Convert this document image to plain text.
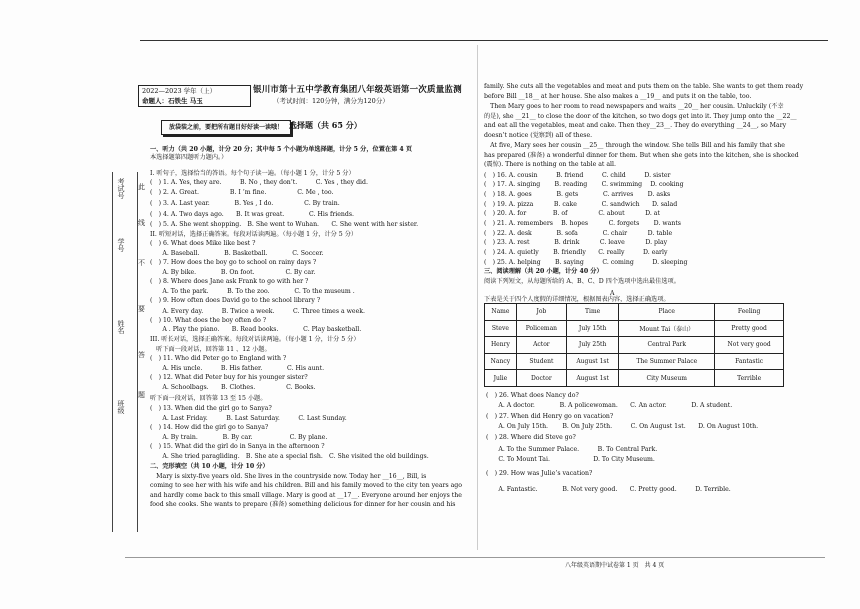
2022—2023 学年（上）
命题人：石铁生 马玉
银川市第十五中学教育集团八年级英语第一次质量监测
（考试时间：120分钟，满分为120分）
放袋装之前，要把所有题目好好读一读哦！ 选择题（共 65 分）
考试号
学号
姓名
班级
此
线
不
要
答
题
一、听力（共 20 小题，计分 20 分；其中每 5 个小题为单选择题，计分 5 分，位置在第 4 页
本选择题第四题听力题内。）
I. 听句子，选择恰当的答语。每个句子读一遍。（每小题 1 分，计分 5 分）
(　) 1. A. Yes, they are.　　　B. No , they don’t.　　　C. Yes , they did.
(　) 2. A. Great.　　　　　B. I ’m fine.　　　　　C. Me , too.
(　) 3. A. Last year.　　　　B. Yes , I do.　　　　　C. By train.
(　) 4. A. Two days ago.　　B. It was great.　　　　C. His friends.
(　) 5. A. She went shopping.　B. She went to Wuhan.　　C. She went with her sister.
II. 听短对话，选择正确答案。每段对话读两遍。（每小题 1 分，计分 5 分）
(　) 6. What does Mike like best ?
　　A. Baseball.　　　　B. Basketball.　　　　C. Soccer.
(　) 7. How does the boy go to school on rainy days ?
　　A. By bike.　　　　B. On foot.　　　　　C. By car.
(　) 8. Where does Jane ask Frank to go with her ?
　　A. To the park.　　　B. To the zoo.　　　　C. To the museum .
(　) 9. How often does David go to the school library ?
　　A. Every day.　　　B. Twice a week.　　　C. Three times a week.
(　) 10. What does the boy often do ?
　　A . Play the piano.　　B. Read books.　　　　C. Play basketball.
III. 听长对话，选择正确答案。每段对话读两遍。（每小题 1 分，计分 5 分）
　听下面一段对话，回答第 11 、12 小题。
(　) 11. Who did Peter go to England with ?
　　A. His uncle.　　　B. His father.　　　　C. His aunt.
(　) 12. What did Peter buy for his younger sister?
　　A. Schoolbags.　　B. Clothes.　　　　　C. Books.
听下面一段对话，回答第 13 至 15 小题。
(　) 13. When did the girl go to Sanya?
　　A. Last Friday.　　　B. Last Saturday.　　　C. Last Sunday.
(　) 14. How did the girl go to Sanya?
　　A. By train.　　　　B. By car.　　　　　　C. By plane.
(　) 15. What did the girl do in Sanya in the afternoon ?
　　A. She tried paragliding.　B. She ate a special fish.　C. She visited the old buildings.
二、完形填空（共 10 小题，计分 10 分）
　Mary is sixty-five years old. She lives in the countryside now. Today her __16__, Bill, is
coming to see her with his wife and his children. Bill and his family moved to the city ten years ago
and hardly come back to this small village. Mary is good at __17__. Everyone around her enjoys the
food she cooks. She wants to prepare (准备) something delicious for dinner for her cousin and his
family. She cuts all the vegetables and meat and puts them on the table. She wants to get them ready
before Bill __18__ at her house. She also makes a __19__ and puts it on the table, too.
　Then Mary goes to her room to read newspapers and waits __20__ her cousin. Unluckily (不幸
的是), she __21__ to close the door of the kitchen, so two dogs get into it. They jump onto the __22__
and eat all the vegetables, meat and cake. Then they__23__. They do everything __24__, so Mary
doesn’t notice (觉察到) all of these.
　At five, Mary sees her cousin __25__ through the window. She tells Bill and his family that she
has prepared (准备) a wonderful dinner for them. But when she gets into the kitchen, she is shocked
(震惊). There is nothing on the table at all.
(　) 16. A. cousin　　　B. friend　　　C. child　　　D. sister
(　) 17. A. singing　　 B. reading　　 C. swimming　 D. cooking
(　) 18. A. goes　　　　B. gets　　　　C. arrives　　 D. asks
(　) 19. A. pizza　　　 B. cake　　　　C. sandwich　　D. salad
(　) 20. A. for　　　　 B. of　　　　　C. about　　　 D. at
(　) 21. A. remembers　 B. hopes　　　 C. forgets　　 D. wants
(　) 22. A. desk　　　　B. sofa　　　　C. chair　　　 D. table
(　) 23. A. rest　　　　B. drink　　　 C. leave　　　 D. play
(　) 24. A. quietly　　 B. friendly　　C. really　　　D. early
(　) 25. A. helping　　 B. saying　　　C. coming　　　D. sleeping
三、阅读理解（共 20 小题，计分 40 分）
阅读下列短文，从每题所给的 A、B、C、D 四个选项中选出最佳选项。
A
下表是关于四个人度假的详细情况，根据图表内容，选择正确选项。
Name	Job	Time	Place	Feeling
Steve	Policeman	July 15th	Mount Tai（泰山）	Pretty good
Henry	Actor	July 25th	Central Park	Not very good
Nancy	Student	August 1st	The Summer Palace	Fantastic
Julie	Doctor	August 1st	City Museum	Terrible
(　) 26. What does Nancy do?
　　A. A doctor.　　　　B. A policewoman.　　C. An actor.　　　　D. A student.
(　) 27. When did Henry go on vacation?
　　A. On July 15th.　　 B. On July 25th.　　　C. On August 1st.　　D. On August 10th.
(　) 28. Where did Steve go?
　　A. To the Summer Palace.　　　B. To Central Park.
　　C. To Mount Tai.　　　　　　　D. To City Museum.
(　) 29. How was Julie’s vacation?
　　A. Fantastic.　　　　B. Not very good.　　C. Pretty good.　　　D. Terrible.
八年级英语期中试卷第 1 页　共 4 页
